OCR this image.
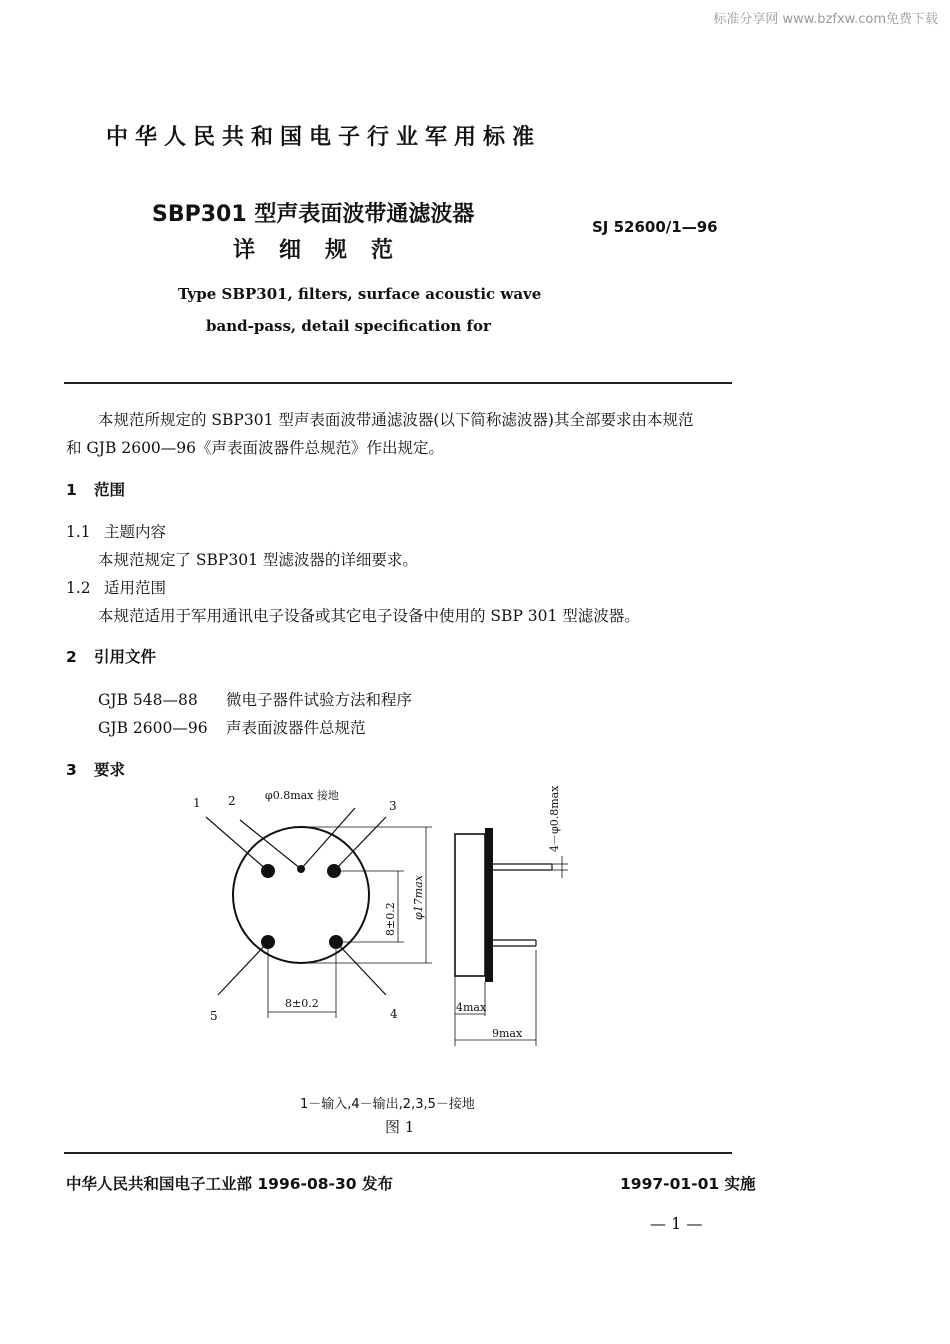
标准分享网 www.bzfxw.com免费下载
中华人民共和国电子行业军用标准
SBP301 型声表面波带通滤波器
详细规范
SJ 52600/1—96
Type SBP301, filters, surface acoustic wave
band-pass, detail specification for
本规范所规定的 SBP301 型声表面波带通滤波器(以下简称滤波器)其全部要求由本规范
和 GJB 2600—96《声表面波器件总规范》作出规定。
1 范围
1.1 主题内容
本规范规定了 SBP301 型滤波器的详细要求。
1.2 适用范围
本规范适用于军用通讯电子设备或其它电子设备中使用的 SBP 301 型滤波器。
2 引用文件
GJB 548—88 微电子器件试验方法和程序
GJB 2600—96 声表面波器件总规范
3 要求
1 2	3
4
5
φ0.8max 接地
8±0.2 φ17max
8±0.2
4－φ0.8max
4max
9max
1－输入,4－输出,2,3,5－接地
图 1
中华人民共和国电子工业部 1996-08-30 发布	1997-01-01 实施
— 1 —
